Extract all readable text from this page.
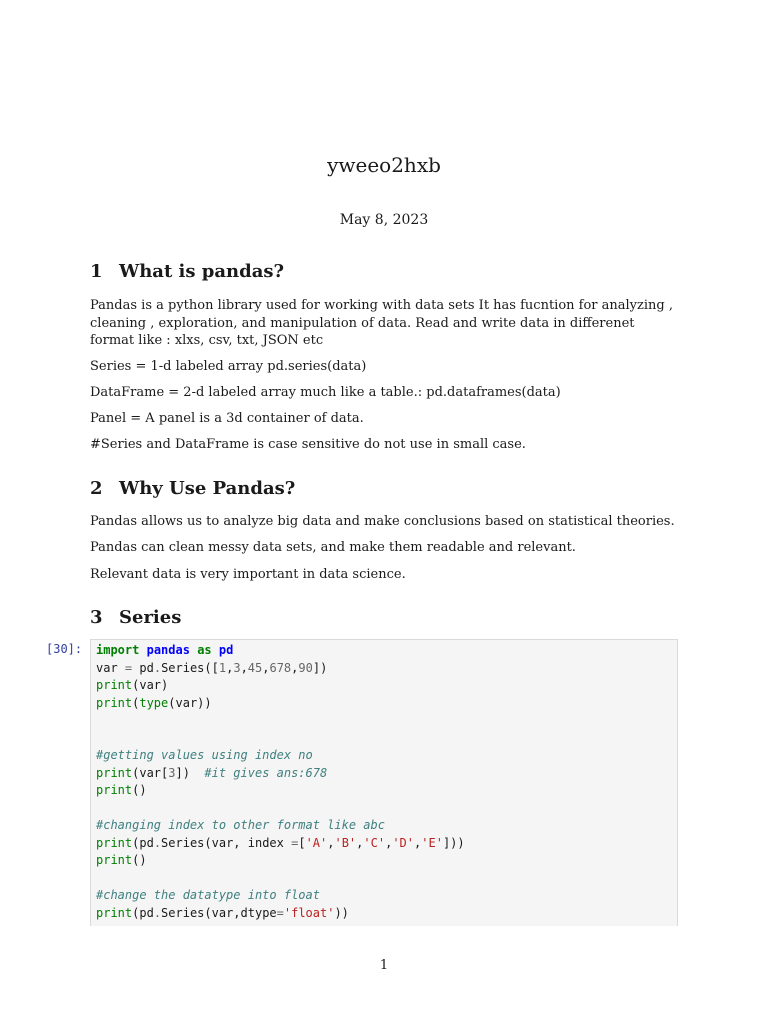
yweeo2hxb
May 8, 2023
1 What is pandas?

Pandas is a python library used for working with data sets It has fucntion for analyzing , cleaning , exploration, and manipulation of data. Read and write data in differenet format like : xlxs, csv, txt, JSON etc

Series = 1-d labeled array pd.series(data)

DataFrame = 2-d labeled array much like a table.: pd.dataframes(data)

Panel = A panel is a 3d container of data.

#Series and DataFrame is case sensitive do not use in small case.

2 Why Use Pandas?

Pandas allows us to analyze big data and make conclusions based on statistical theories.

Pandas can clean messy data sets, and make them readable and relevant.

Relevant data is very important in data science.

3 Series
[30]:	import pandas as pd
var = pd.Series([1,3,45,678,90])
print(var)
print(type(var))

#getting values using index no
print(var[3])  #it gives ans:678
print()

#changing index to other format like abc
print(pd.Series(var, index =['A','B','C','D','E']))
print()

#change the datatype into float
print(pd.Series(var,dtype='float'))
1
